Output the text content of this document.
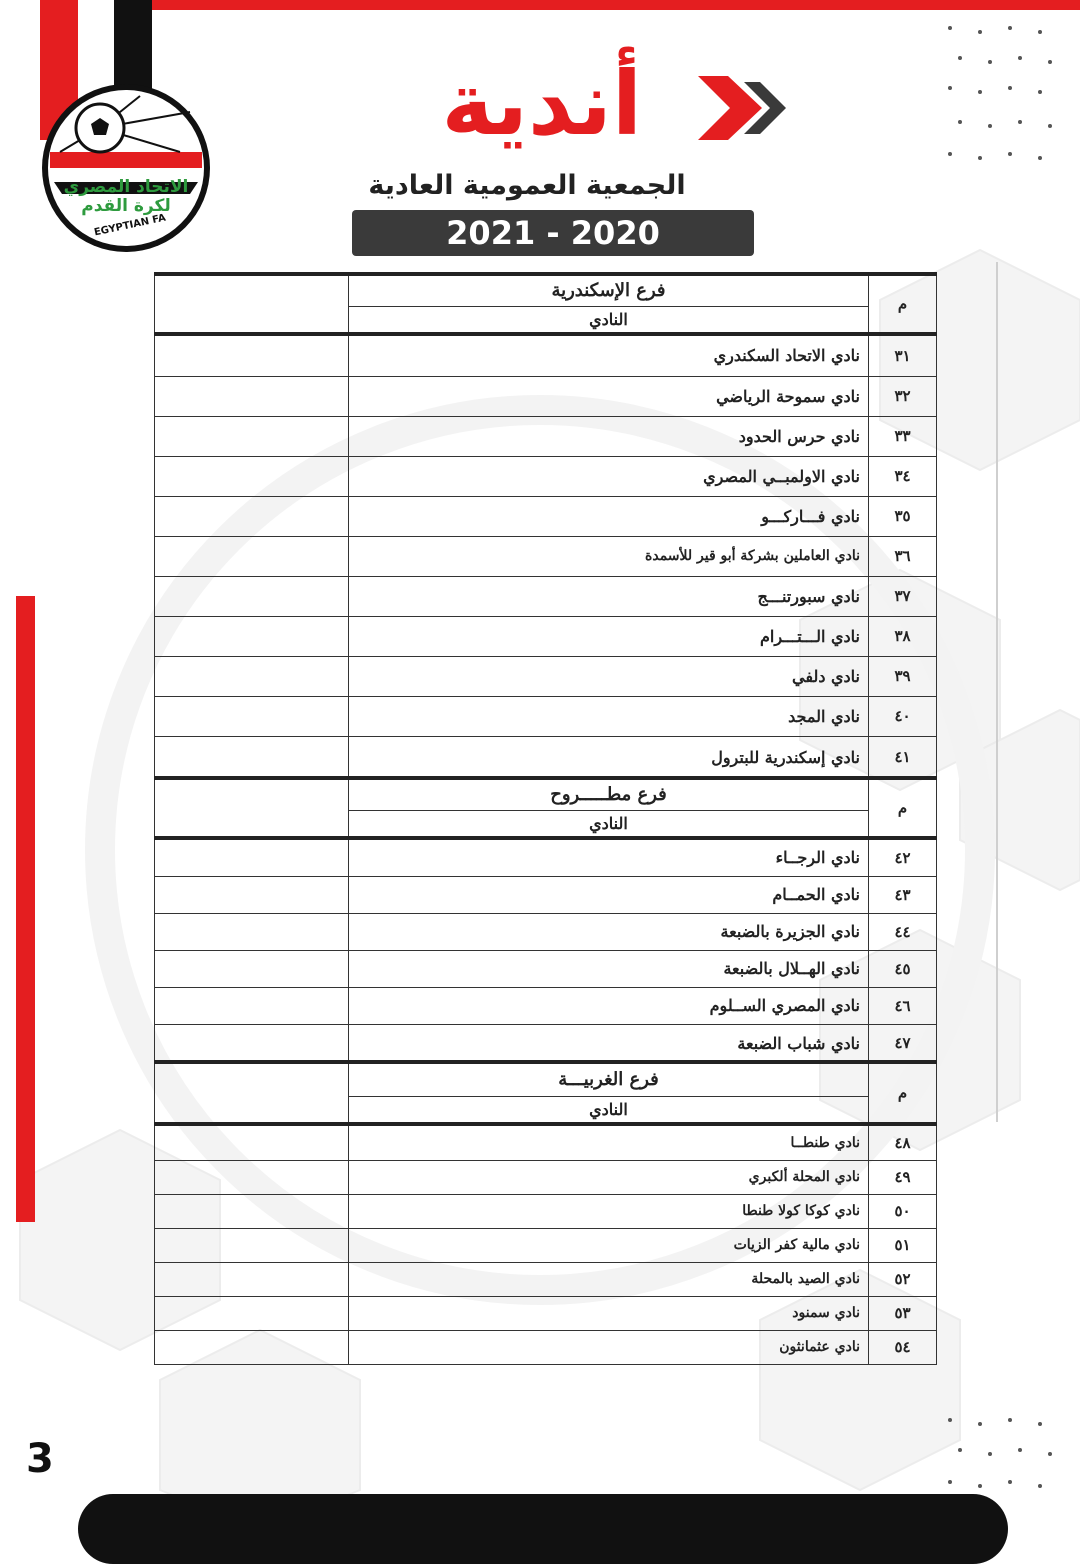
الاتحاد المصري
لكرة القدم
EGYPTIAN FA
أندية
الجمعية العمومية العادية
2021 - 2020
م	فرع الإسكندرية	
	النادي	
٣١	نادي الاتحاد السكندري	
٣٢	نادي سموحة الرياضي	
٣٣	نادي حرس الحدود	
٣٤	نادي الاولمبــي المصري	
٣٥	نادي فـــاركـــو	
٣٦	نادي العاملين بشركة أبو قير للأسمدة	
٣٧	نادي سبورتنـــج	
٣٨	نادي الـــتـــرام	
٣٩	نادي دلفي	
٤٠	نادي المجد	
٤١	نادي إسكندرية للبترول	
م	فرع مطـــــروح	
	النادي	
٤٢	نادي الرجــاء	
٤٣	نادي الحمــام	
٤٤	نادي الجزيرة بالضبعة	
٤٥	نادي الهــلال بالضبعة	
٤٦	نادي المصري الســلوم	
٤٧	نادي شباب الضبعة	
م	فرع الغربيـــة	
	النادي	
٤٨	نادي طنطــا	
٤٩	نادي المحلة ألكبري	
٥٠	نادي كوكا كولا طنطا	
٥١	نادي مالية كفر الزيات	
٥٢	نادي الصيد بالمحلة	
٥٣	نادي سمنود	
٥٤	نادي عثمانثون	
3
